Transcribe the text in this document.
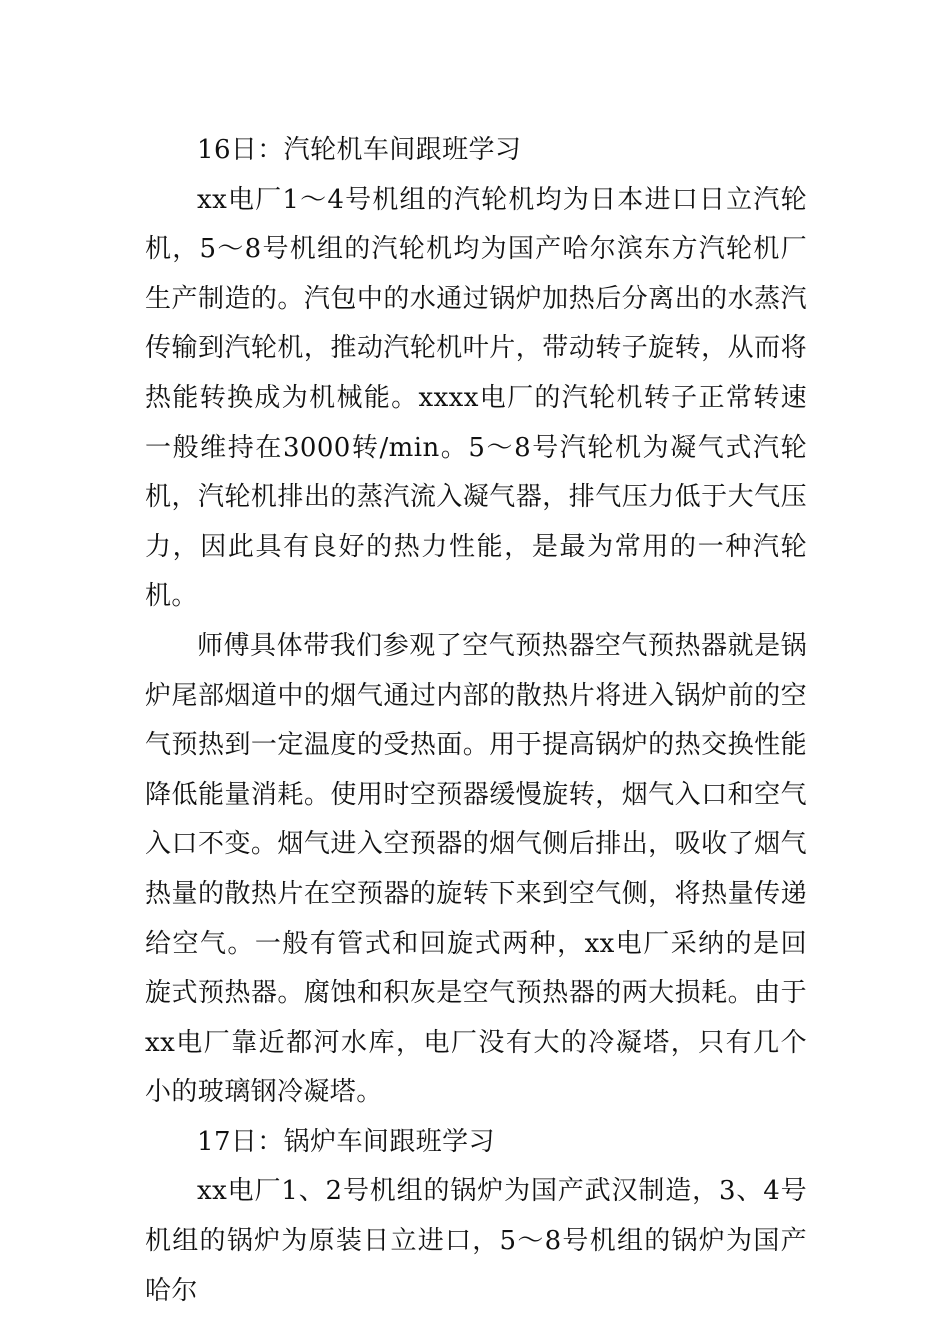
16日：汽轮机车间跟班学习

xx电厂1～4号机组的汽轮机均为日本进口日立汽轮机，5～8号机组的汽轮机均为国产哈尔滨东方汽轮机厂生产制造的。汽包中的水通过锅炉加热后分离出的水蒸汽传输到汽轮机，推动汽轮机叶片，带动转子旋转，从而将热能转换成为机械能。xxxx电厂的汽轮机转子正常转速一般维持在3000转/min。5～8号汽轮机为凝气式汽轮机，汽轮机排出的蒸汽流入凝气器，排气压力低于大气压力，因此具有良好的热力性能，是最为常用的一种汽轮机。

师傅具体带我们参观了空气预热器空气预热器就是锅炉尾部烟道中的烟气通过内部的散热片将进入锅炉前的空气预热到一定温度的受热面。用于提高锅炉的热交换性能降低能量消耗。使用时空预器缓慢旋转，烟气入口和空气入口不变。烟气进入空预器的烟气侧后排出，吸收了烟气热量的散热片在空预器的旋转下来到空气侧，将热量传递给空气。一般有管式和回旋式两种，xx电厂采纳的是回旋式预热器。腐蚀和积灰是空气预热器的两大损耗。由于xx电厂靠近都河水库，电厂没有大的冷凝塔，只有几个小的玻璃钢冷凝塔。

17日：锅炉车间跟班学习

xx电厂1、2号机组的锅炉为国产武汉制造，3、4号机组的锅炉为原装日立进口，5～8号机组的锅炉为国产哈尔
